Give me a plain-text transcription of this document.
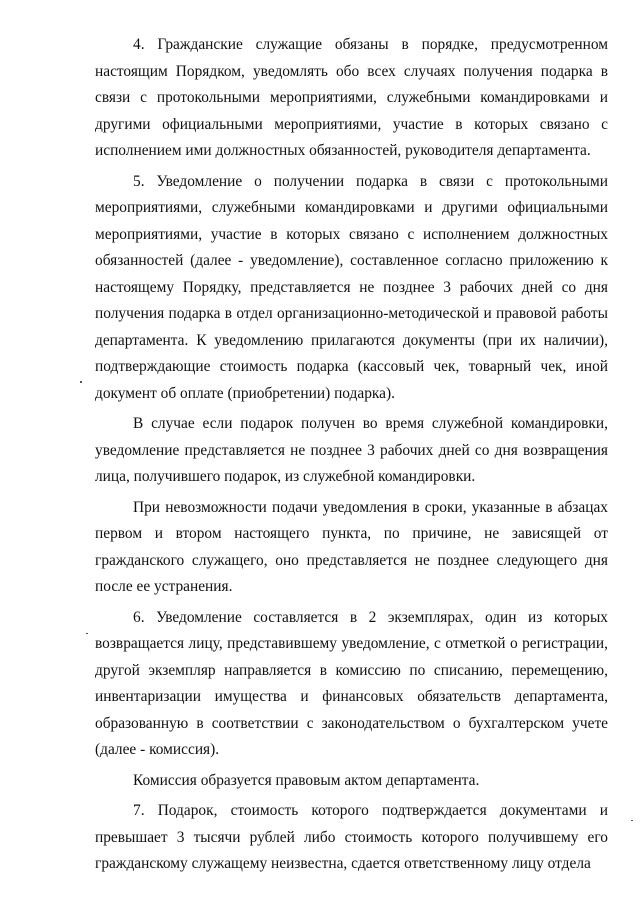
4. Гражданские служащие обязаны в порядке, предусмотренном настоящим Порядком, уведомлять обо всех случаях получения подарка в связи с протокольными мероприятиями, служебными командировками и другими официальными мероприятиями, участие в которых связано с исполнением ими должностных обязанностей, руководителя департамента.

5. Уведомление о получении подарка в связи с протокольными мероприятиями, служебными командировками и другими официальными мероприятиями, участие в которых связано с исполнением должностных обязанностей (далее - уведомление), составленное согласно приложению к настоящему Порядку, представляется не позднее 3 рабочих дней со дня получения подарка в отдел организационно-методической и правовой работы департамента. К уведомлению прилагаются документы (при их наличии), подтверждающие стоимость подарка (кассовый чек, товарный чек, иной документ об оплате (приобретении) подарка).

В случае если подарок получен во время служебной командировки, уведомление представляется не позднее 3 рабочих дней со дня возвращения лица, получившего подарок, из служебной командировки.

При невозможности подачи уведомления в сроки, указанные в абзацах первом и втором настоящего пункта, по причине, не зависящей от гражданского служащего, оно представляется не позднее следующего дня после ее устранения.

6. Уведомление составляется в 2 экземплярах, один из которых возвращается лицу, представившему уведомление, с отметкой о регистрации, другой экземпляр направляется в комиссию по списанию, перемещению, инвентаризации имущества и финансовых обязательств департамента, образованную в соответствии с законодательством о бухгалтерском учете (далее - комиссия).

Комиссия образуется правовым актом департамента.

7. Подарок, стоимость которого подтверждается документами и превышает 3 тысячи рублей либо стоимость которого получившему его гражданскому служащему неизвестна, сдается ответственному лицу отдела
